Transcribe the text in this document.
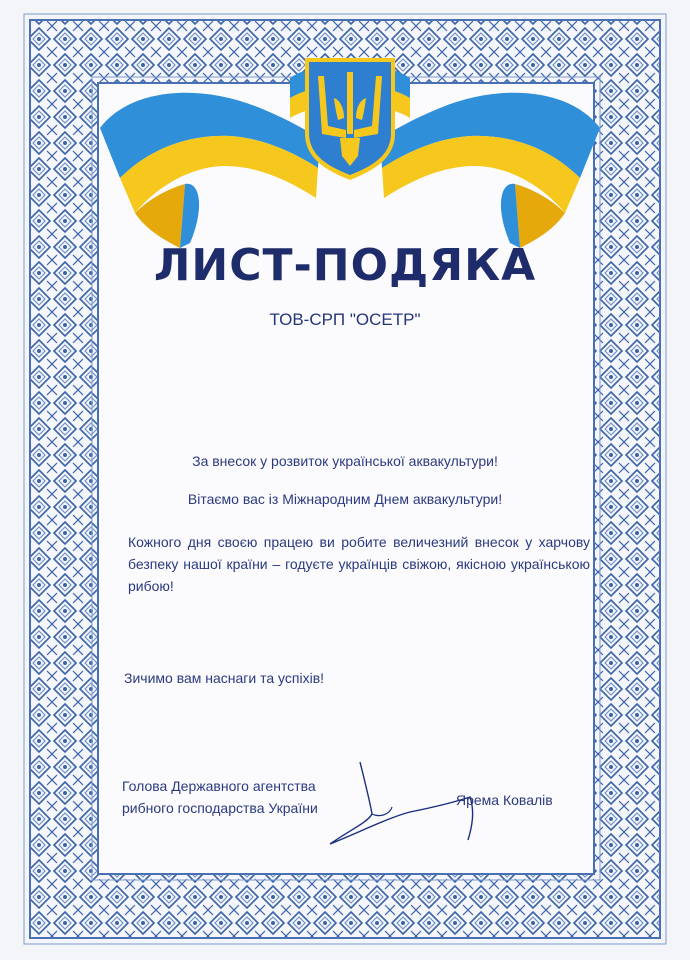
ЛИСТ-ПОДЯКА
ТОВ-СРП "ОСЕТР"
За внесок у розвиток української аквакультури!
Вітаємо вас із Міжнародним Днем аквакультури!
Кожного дня своєю працею ви робите величезний внесок у харчову безпеку нашої країни – годуєте українців свіжою, якісною українською рибою!
Зичимо вам наснаги та успіхів!
Голова Державного агентства
рибного господарства України	Ярема Ковалів
